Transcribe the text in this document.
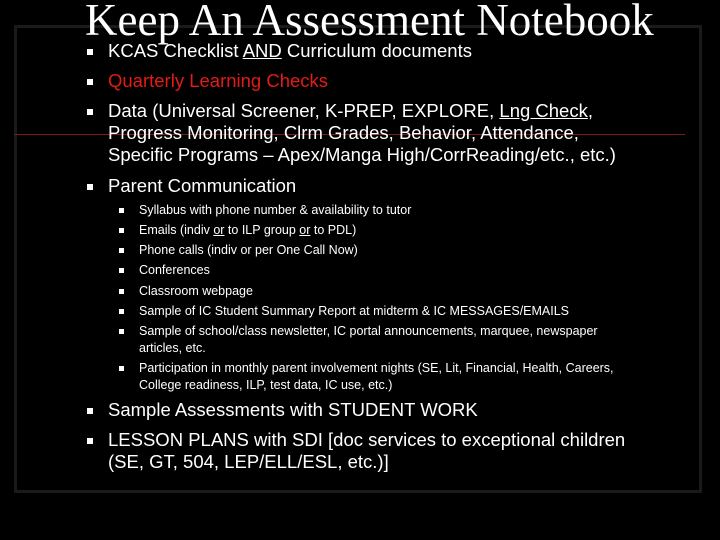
Keep An Assessment Notebook
KCAS Checklist AND Curriculum documents
Quarterly Learning Checks
Data (Universal Screener, K-PREP, EXPLORE, Lng Check,
Progress Monitoring, Clrm Grades, Behavior, Attendance,
Specific Programs – Apex/Manga High/CorrReading/etc., etc.)
Parent Communication
Sample Assessments with STUDENT WORK
LESSON PLANS with SDI [doc services to exceptional children
(SE, GT, 504, LEP/ELL/ESL, etc.)]
Syllabus with phone number & availability to tutor
Emails (indiv or to ILP group or to PDL)
Phone calls (indiv or per One Call Now)
Conferences
Classroom webpage
Sample of IC Student Summary Report at midterm & IC MESSAGES/EMAILS
Sample of school/class newsletter, IC portal announcements, marquee, newspaper
articles, etc.
Participation in monthly parent involvement nights (SE, Lit, Financial, Health, Careers,
College readiness, ILP, test data, IC use, etc.)
